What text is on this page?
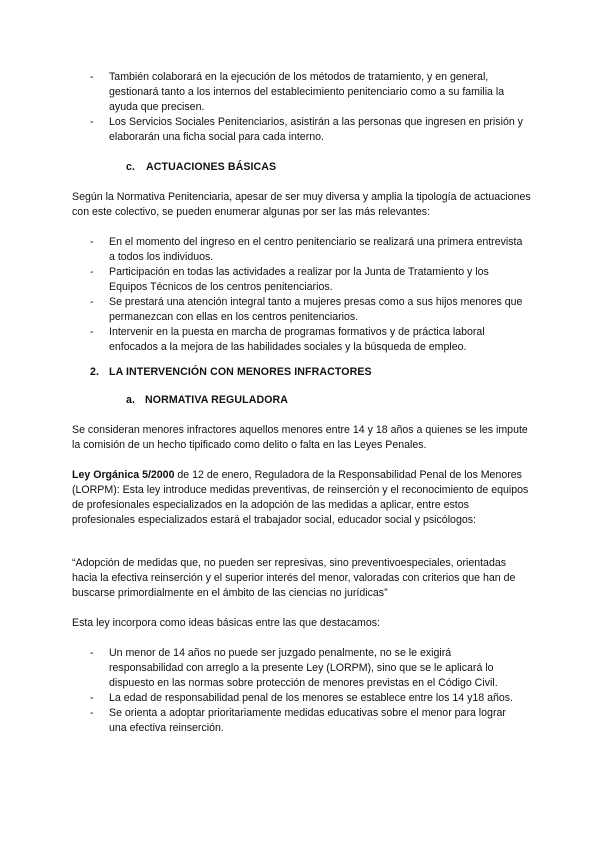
- También colaborará en la ejecución de los métodos de tratamiento, y en general, gestionará tanto a los internos del establecimiento penitenciario como a su familia la ayuda que precisen.
- Los Servicios Sociales Penitenciarios, asistirán a las personas que ingresen en prisión y elaborarán una ficha social para cada interno.
c. ACTUACIONES BÁSICAS
Según la Normativa Penitenciaria, apesar de ser muy diversa y amplia la tipología de actuaciones con este colectivo, se pueden enumerar algunas por ser las más relevantes:
- En el momento del ingreso en el centro penitenciario se realizará una primera entrevista a todos los individuos.
- Participación en todas las actividades a realizar por la Junta de Tratamiento y los Equipos Técnicos de los centros penitenciarios.
- Se prestará una atención integral tanto a mujeres presas como a sus hijos menores que permanezcan con ellas en los centros penitenciarios.
- Intervenir en la puesta en marcha de programas formativos y de práctica laboral enfocados a la mejora de las habilidades sociales y la búsqueda de empleo.
2. LA INTERVENCIÓN CON MENORES INFRACTORES
a. NORMATIVA REGULADORA
Se consideran menores infractores aquellos menores entre 14 y 18 años a quienes se les impute la comisión de un hecho tipificado como delito o falta en las Leyes Penales.
Ley Orgánica 5/2000 de 12 de enero, Regulador​a de la Responsabilidad Penal de los Menores (LORPM): Esta ley introduce medidas preventivas, de reinserción y el reconocimiento de equipos de profesionales especializados en la adopción de las medidas a aplicar, entre estos profesionales especializados estará el trabajador social, educador social y psicólogos:
“Adopción de medidas que, no pueden ser represivas, sino preventivoespeciales, orientadas hacia la efectiva reinserción y el superior interés del menor, valoradas con criterios que han de buscarse primordialmente en el ámbito de las ciencias no jurídicas”
Esta ley incorpora como ideas básicas entre las que destacamos:
- Un menor de 14 años no puede ser juzgado penalmente, no se le exigirá responsabilidad con arreglo a la presente Ley (LORPM), sino que se le aplicará lo dispuesto en las normas sobre protección de menores previstas en el Código Civil.
- La edad de responsabilidad penal de los menores se establece entre los 14 y18 años.
- Se orienta a adoptar prioritariamente medidas educativas sobre el menor para lograr una efectiva reinserción.
